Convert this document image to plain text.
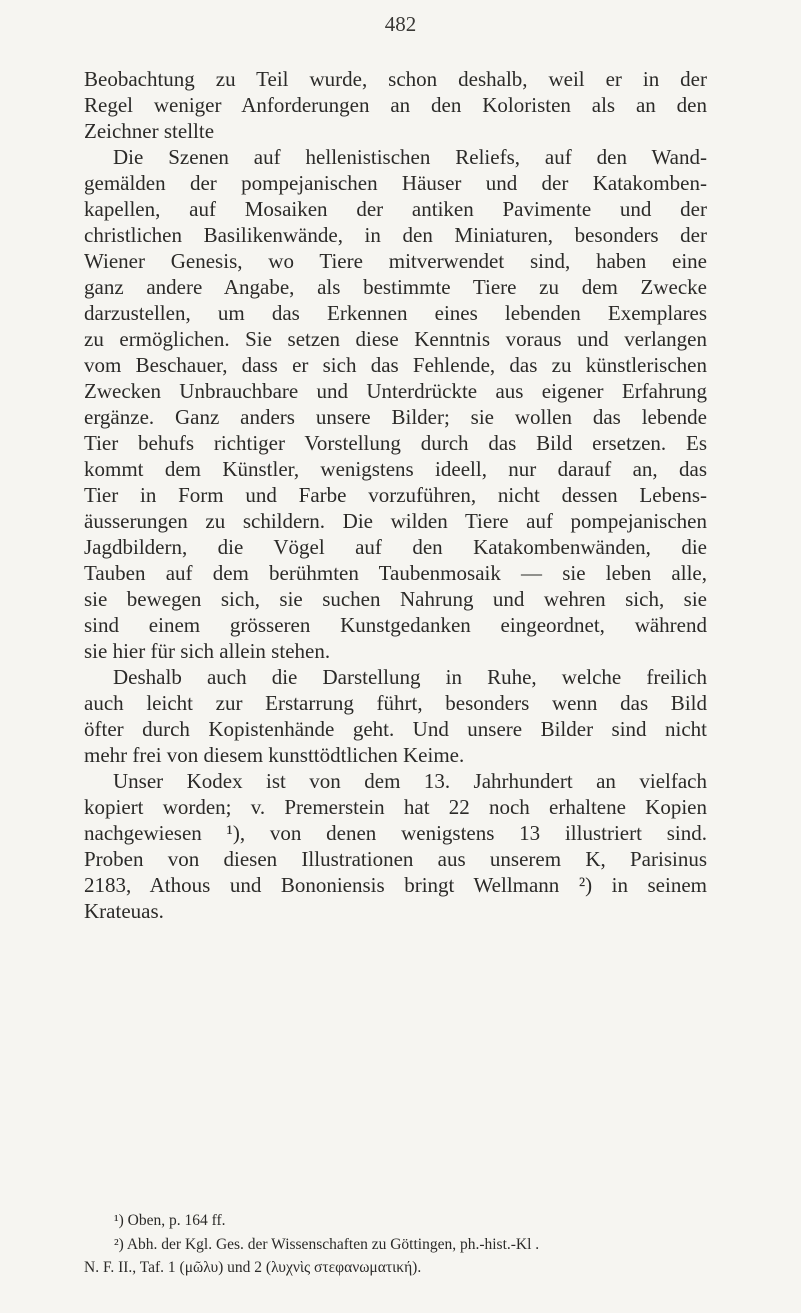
482
Beobachtung zu Teil wurde, schon deshalb, weil er in der
Regel weniger Anforderungen an den Koloristen als an den
Zeichner stellte
Die Szenen auf hellenistischen Reliefs, auf den Wand-
gemälden der pompejanischen Häuser und der Katakomben-
kapellen, auf Mosaiken der antiken Pavimente und der
christlichen Basilikenwände, in den Miniaturen, besonders der
Wiener Genesis, wo Tiere mitverwendet sind, haben eine
ganz andere Angabe, als bestimmte Tiere zu dem Zwecke
darzustellen, um das Erkennen eines lebenden Exemplares
zu ermöglichen. Sie setzen diese Kenntnis voraus und verlangen
vom Beschauer, dass er sich das Fehlende, das zu künstlerischen
Zwecken Unbrauchbare und Unterdrückte aus eigener Erfahrung
ergänze. Ganz anders unsere Bilder; sie wollen das lebende
Tier behufs richtiger Vorstellung durch das Bild ersetzen. Es
kommt dem Künstler, wenigstens ideell, nur darauf an, das
Tier in Form und Farbe vorzuführen, nicht dessen Lebens-
äusserungen zu schildern. Die wilden Tiere auf pompejanischen
Jagdbildern, die Vögel auf den Katakombenwänden, die
Tauben auf dem berühmten Taubenmosaik — sie leben alle,
sie bewegen sich, sie suchen Nahrung und wehren sich, sie
sind einem grösseren Kunstgedanken eingeordnet, während
sie hier für sich allein stehen.
Deshalb auch die Darstellung in Ruhe, welche freilich
auch leicht zur Erstarrung führt, besonders wenn das Bild
öfter durch Kopistenhände geht. Und unsere Bilder sind nicht
mehr frei von diesem kunsttödtlichen Keime.
Unser Kodex ist von dem 13. Jahrhundert an vielfach
kopiert worden; v. Premerstein hat 22 noch erhaltene Kopien
nachgewiesen ¹), von denen wenigstens 13 illustriert sind.
Proben von diesen Illustrationen aus unserem K, Parisinus
2183, Athous und Bononiensis bringt Wellmann ²) in seinem
Krateuas.
¹) Oben, p. 164 ff.
²) Abh. der Kgl. Ges. der Wissenschaften zu Göttingen, ph.-hist.-Kl .
N. F. II., Taf. 1 (μῶλυ) und 2 (λυχνὶς στεφανωματική).
